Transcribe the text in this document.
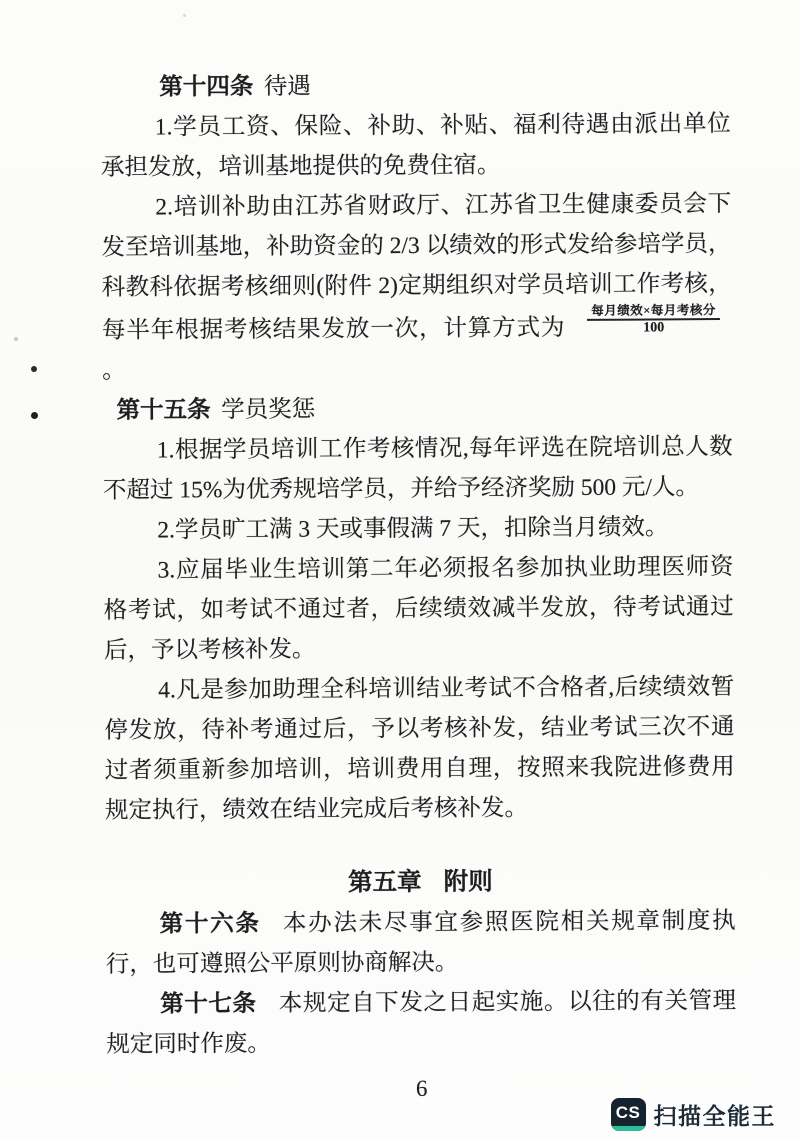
第十四条 待遇

1.学员工资、保险、补助、补贴、福利待遇由派出单位承担发放，培训基地提供的免费住宿。

2.培训补助由江苏省财政厅、江苏省卫生健康委员会下发至培训基地，补助资金的 2/3 以绩效的形式发给参培学员，科教科依据考核细则(附件 2)定期组织对学员培训工作考核，每半年根据考核结果发放一次，计算方式为 $\frac{\text{每月绩效×每月考核分}}{100}$
。

第十五条 学员奖惩

1.根据学员培训工作考核情况,每年评选在院培训总人数不超过 15%为优秀规培学员，并给予经济奖励 500 元/人。

2.学员旷工满 3 天或事假满 7 天，扣除当月绩效。

3.应届毕业生培训第二年必须报名参加执业助理医师资格考试，如考试不通过者，后续绩效减半发放，待考试通过后，予以考核补发。

4.凡是参加助理全科培训结业考试不合格者,后续绩效暂停发放，待补考通过后，予以考核补发，结业考试三次不通过者须重新参加培训，培训费用自理，按照来我院进修费用规定执行，绩效在结业完成后考核补发。

第五章 附则

第十六条 本办法未尽事宜参照医院相关规章制度执行，也可遵照公平原则协商解决。

第十七条 本规定自下发之日起实施。以往的有关管理规定同时作废。

6
CS 扫描全能王
